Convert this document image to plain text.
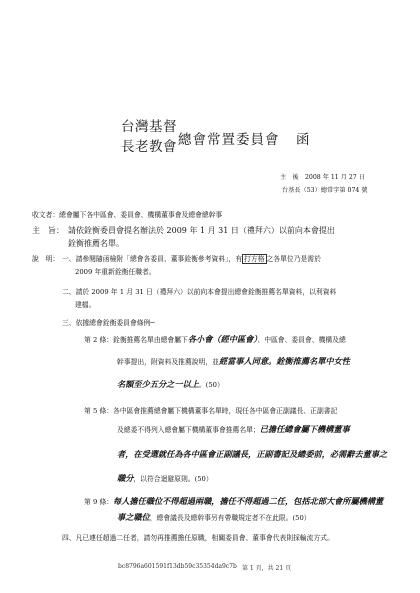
台灣基督
長老教會 總會常置委員會 函
主　後 2008 年 11 月 27 日
台基長（53）總常字第 074 號
收文者：總會屬下各中區會、委員會、機構董事會及總會總幹事
主　旨： 請依銓衡委員會提名辦法於 2009 年 1 月 31 日（禮拜六）以前向本會提出
銓衡推薦名單。
說　明： 一、請參閱隨函檢附「總會各委員、董事銓衡參考資料」，有 打方格 之各單位乃是需於
2009 年重新銓衡任職者。
二、請於 2009 年 1 月 31 日（禮拜六）以前向本會提出總會銓衡推薦名單資料，以利資料
建檔。
三、依據總會銓衡委員會條例─
第 2 條：銓衡推薦名單由總會屬下各小會（經中區會）、中區會、委員會、機構及總
幹事提出，附資料及推薦說明，並經當事人同意。銓衡推薦名單中女性
名額至少五分之一以上。(50）
第 5 條：各中區會推薦總會屬下機構董事名單時，現任各中區會正副議長、正副書記
及總委不得列入總會屬下機構董事會推薦名單；已擔任總會屬下機構董事
者，在受選就任為各中區會正副議長，正副書記及總委前，必需辭去董事之
職分，以符合迴避原則。(50）
第 9 條：每人擔任職位不得超過兩職，擔任不得超過二任，包括北部大會所屬機構董
事之職位，總會議長及總幹事另有帶職規定者不在此限。(50）
四、凡已連任超過二任者，請勿再推薦擔任原職，相關委員會、董事會代表則採輪流方式。
bc8796a601591f13db59c35354da9c7b 第 1 頁，共 21 頁
